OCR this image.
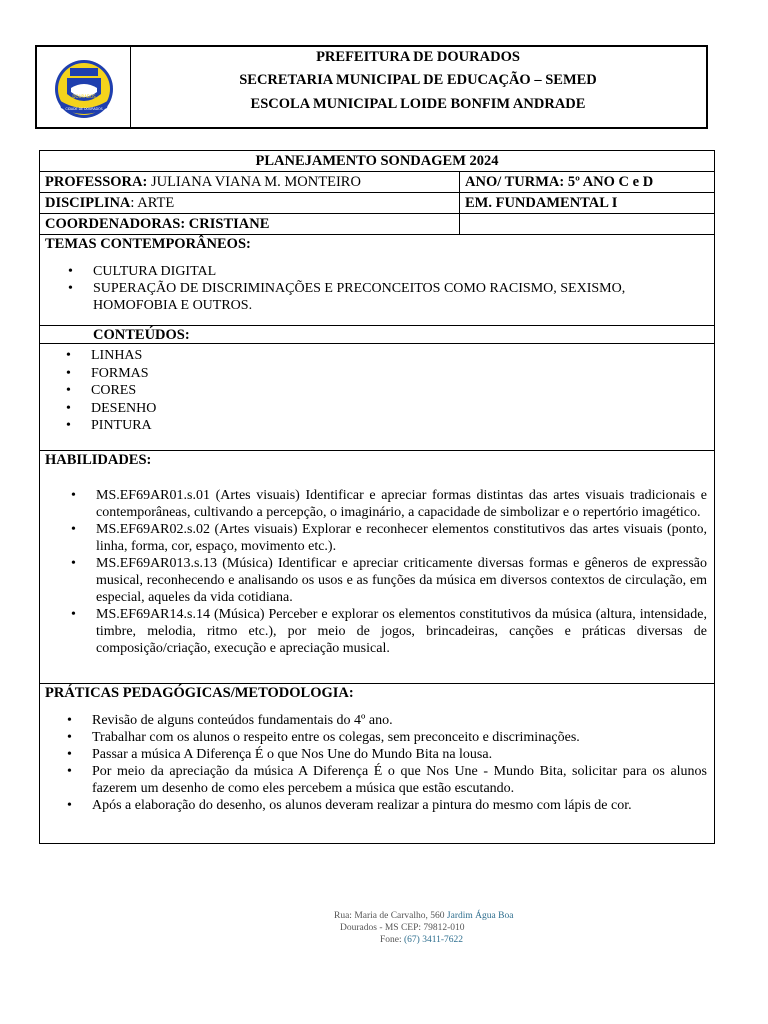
DOURADOS
CIDADE DE DOURADOS
PREFEITURA DE DOURADOS
SECRETARIA MUNICIPAL DE EDUCAÇÃO – SEMED
ESCOLA MUNICIPAL LOIDE BONFIM ANDRADE
PLANEJAMENTO SONDAGEM 2024
PROFESSORA: JULIANA VIANA M. MONTEIRO	ANO/ TURMA: 5º ANO C e D
DISCIPLINA: ARTE	EM. FUNDAMENTAL I
COORDENADORAS: CRISTIANE
TEMAS CONTEMPORÂNEOS:
• CULTURA DIGITAL
• SUPERAÇÃO DE DISCRIMINAÇÕES E PRECONCEITOS COMO RACISMO, SEXISMO, HOMOFOBIA E OUTROS.
CONTEÚDOS:
• LINHAS
• FORMAS
• CORES
• DESENHO
• PINTURA
HABILIDADES:
• MS.EF69AR01.s.01 (Artes visuais) Identificar e apreciar formas distintas das artes visuais tradicionais e contemporâneas, cultivando a percepção, o imaginário, a capacidade de simbolizar e o repertório imagético.
• MS.EF69AR02.s.02 (Artes visuais) Explorar e reconhecer elementos constitutivos das artes visuais (ponto, linha, forma, cor, espaço, movimento etc.).
• MS.EF69AR013.s.13 (Música) Identificar e apreciar criticamente diversas formas e gêneros de expressão musical, reconhecendo e analisando os usos e as funções da música em diversos contextos de circulação, em especial, aqueles da vida cotidiana.
• MS.EF69AR14.s.14 (Música) Perceber e explorar os elementos constitutivos da música (altura, intensidade, timbre, melodia, ritmo etc.), por meio de jogos, brincadeiras, canções e práticas diversas de composição/criação, execução e apreciação musical.
PRÁTICAS PEDAGÓGICAS/METODOLOGIA:
• Revisão de alguns conteúdos fundamentais do 4º ano.
• Trabalhar com os alunos o respeito entre os colegas, sem preconceito e discriminações.
• Passar a música A Diferença É o que Nos Une do Mundo Bita na lousa.
• Por meio da apreciação da música A Diferença É o que Nos Une - Mundo Bita, solicitar para os alunos fazerem um desenho de como eles percebem a música que estão escutando.
• Após a elaboração do desenho, os alunos deveram realizar a pintura do mesmo com lápis de cor.
Rua: Maria de Carvalho, 560 Jardim Água Boa
Dourados - MS CEP: 79812-010
Fone: (67) 3411-7622
